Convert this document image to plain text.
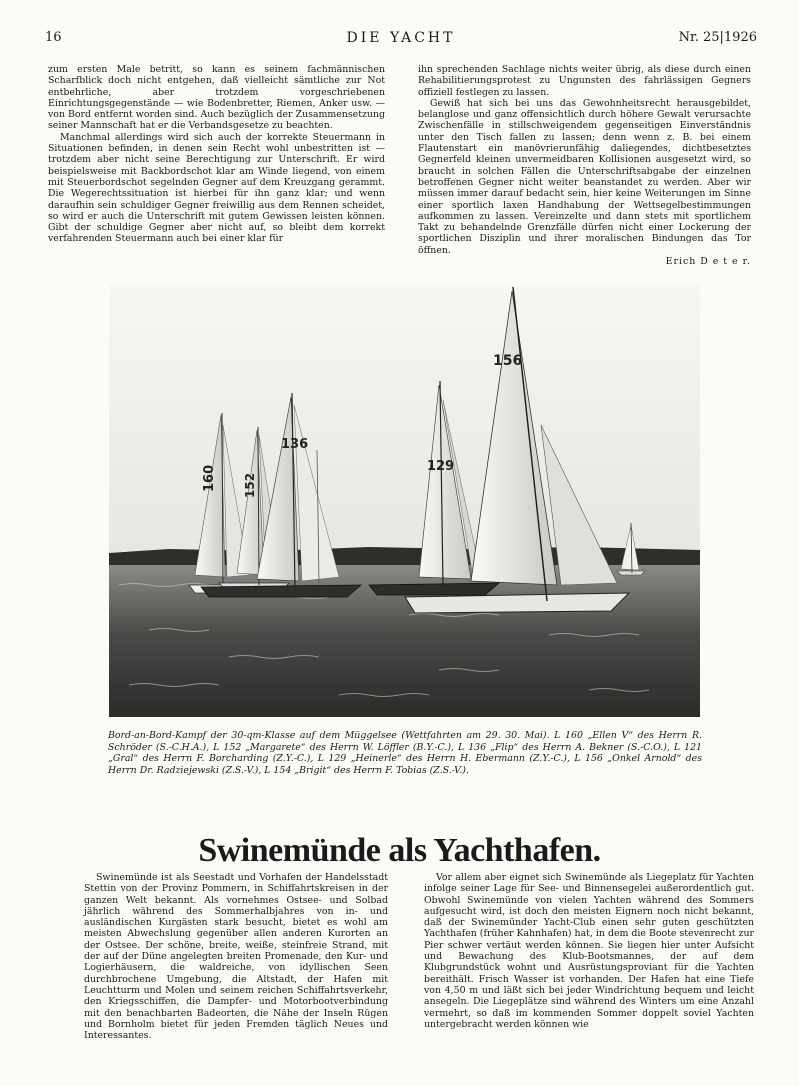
16	DIE YACHT	Nr. 25|1926

zum ersten Male betritt, so kann es seinem fachmännischen Scharfblick doch nicht entgehen, daß vielleicht sämtliche zur Not entbehrliche, aber trotzdem vorgeschriebenen Einrichtungsgegenstände — wie Bodenbretter, Riemen, Anker usw. — von Bord entfernt worden sind. Auch bezüglich der Zusammensetzung seiner Mannschaft hat er die Verbandsgesetze zu beachten.

Manchmal allerdings wird sich auch der korrekte Steuermann in Situationen befinden, in denen sein Recht wohl unbestritten ist — trotzdem aber nicht seine Berechtigung zur Unterschrift. Er wird beispielsweise mit Backbordschot klar am Winde liegend, von einem mit Steuerbordschot segelnden Gegner auf dem Kreuzgang gerammt. Die Wegerechtssituation ist hierbei für ihn ganz klar; und wenn daraufhin sein schuldiger Gegner freiwillig aus dem Rennen scheidet, so wird er auch die Unterschrift mit gutem Gewissen leisten können. Gibt der schuldige Gegner aber nicht auf, so bleibt dem korrekt verfahrenden Steuermann auch bei einer klar für

ihn sprechenden Sachlage nichts weiter übrig, als diese durch einen Rehabilitierungsprotest zu Ungunsten des fahrlässigen Gegners offiziell festlegen zu lassen.

Gewiß hat sich bei uns das Gewohnheitsrecht herausgebildet, belanglose und ganz offensichtlich durch höhere Gewalt verursachte Zwischenfälle in stillschweigendem gegenseitigen Einverständnis unter den Tisch fallen zu lassen; denn wenn z. B. bei einem Flautenstart ein manövrierunfähig daliegendes, dichtbesetztes Gegnerfeld kleinen unvermeidbaren Kollisionen ausgesetzt wird, so braucht in solchen Fällen die Unterschriftsabgabe der einzelnen betroffenen Gegner nicht weiter beanstandet zu werden. Aber wir müssen immer darauf bedacht sein, hier keine Weiterungen im Sinne einer sportlich laxen Handhabung der Wettsegelbestimmungen aufkommen zu lassen. Vereinzelte und dann stets mit sportlichem Takt zu behandelnde Grenzfälle dürfen nicht einer Lockerung der sportlichen Disziplin und ihrer moralischen Bindungen das Tor öffnen.

Erich D e t e r.
160 152
136
129
156
Bord-an-Bord-Kampf der 30-qm-Klasse auf dem Müggelsee (Wettfahrten am 29. 30. Mai). L 160 „Ellen V“ des Herrn R. Schröder (S.-C.H.A.), L 152 „Margarete“ des Herrn W. Löffler (B.Y.-C.), L 136 „Flip“ des Herrn A. Bekner (S.-C.O.), L 121 „Gral“ des Herrn F. Borcharding (Z.Y.-C.), L 129 „Heinerle“ des Herrn H. Ebermann (Z.Y.-C.), L 156 „Onkel Arnold“ des Herrn Dr. Radziejewski (Z.S.-V.), L 154 „Brigit“ des Herrn F. Tobias (Z.S.-V.).
Swinemünde als Yachthafen.

Swinemünde ist als Seestadt und Vorhafen der Handelsstadt Stettin von der Provinz Pommern, in Schiffahrtskreisen in der ganzen Welt bekannt. Als vornehmes Ostsee- und Solbad jährlich während des Sommerhalbjahres von in- und ausländischen Kurgästen stark besucht, bietet es wohl am meisten Abwechslung gegenüber allen anderen Kurorten an der Ostsee. Der schöne, breite, weiße, steinfreie Strand, mit der auf der Düne angelegten breiten Promenade, den Kur- und Logierhäusern, die waldreiche, von idyllischen Seen durchbrochene Umgebung, die Altstadt, der Hafen mit Leuchtturm und Molen und seinem reichen Schiffahrtsverkehr, den Kriegsschiffen, die Dampfer- und Motorbootverbindung mit den benachbarten Badeorten, die Nähe der Inseln Rügen und Bornholm bietet für jeden Fremden täglich Neues und Interessantes.

Vor allem aber eignet sich Swinemünde als Liegeplatz für Yachten infolge seiner Lage für See- und Binnensegelei außerordentlich gut. Obwohl Swinemünde von vielen Yachten während des Sommers aufgesucht wird, ist doch den meisten Eignern noch nicht bekannt, daß der Swinemünder Yacht-Club einen sehr guten geschützten Yachthafen (früher Kahnhafen) hat, in dem die Boote stevenrecht zur Pier schwer vertäut werden können. Sie liegen hier unter Aufsicht und Bewachung des Klub-Bootsmannes, der auf dem Klubgrundstück wohnt und Ausrüstungsproviant für die Yachten bereithält. Frisch Wasser ist vorhanden. Der Hafen hat eine Tiefe von 4,50 m und läßt sich bei jeder Windrichtung bequem und leicht ansegeln. Die Liegeplätze sind während des Winters um eine Anzahl vermehrt, so daß im kommenden Sommer doppelt soviel Yachten untergebracht werden können wie
